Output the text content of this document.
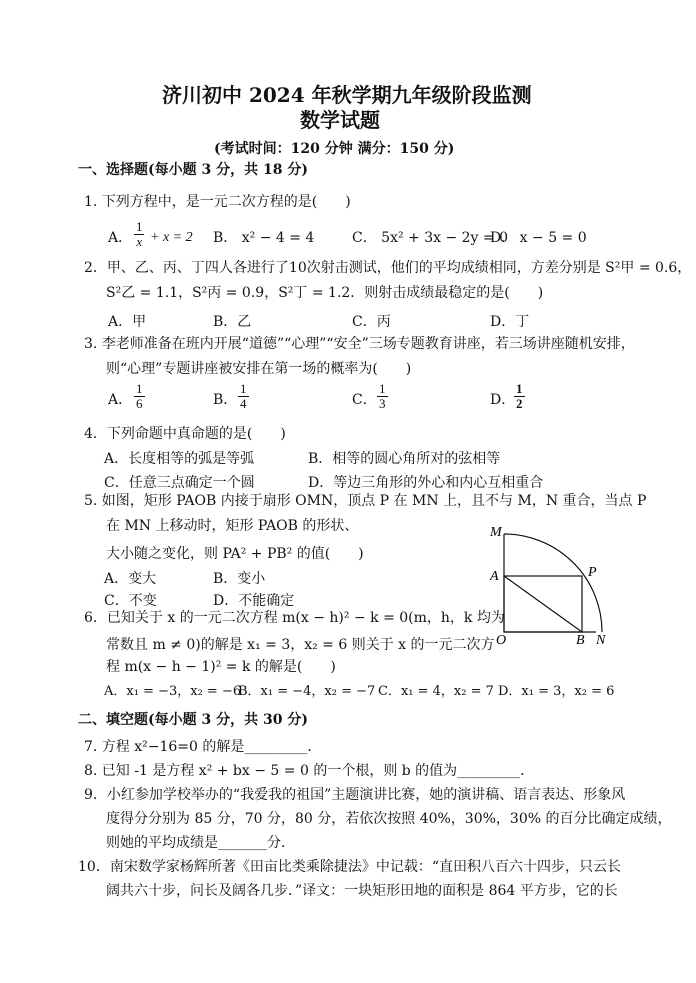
济川初中 2024 年秋学期九年级阶段监测
数学试题
(考试时间：120 分钟 满分：150 分)
一、选择题(每小题 3 分，共 18 分)
1. 下列方程中，是一元二次方程的是(　　)
A． $\frac{1}{x} + x = 2$ B． x² − 4 = 4	C． 5x² + 3x − 2y = 0
D． x − 5 = 0
2．甲、乙、丙、丁四人各进行了10次射击测试，他们的平均成绩相同，方差分别是 S²甲 = 0.6，
S²乙 = 1.1，S²丙 = 0.9，S²丁 = 1.2．则射击成绩最稳定的是(　　)
A．甲	B．乙	C．丙	D．丁
3. 李老师准备在班内开展“道德”“心理”“安全”三场专题教育讲座，若三场讲座随机安排，
则“心理”专题讲座被安排在第一场的概率为(　　)
A． $\frac{1}{6}$	B． $\frac{1}{4}$	C． $\frac{1}{3}$	D．
$\frac{1}{2}$
4．下列命题中真命题的是(　　)
A．长度相等的弧是等弧	B．相等的圆心角所对的弦相等
C．任意三点确定一个圆	D．等边三角形的外心和内心互相重合
5. 如图，矩形 PAOB 内接于扇形 OMN，顶点 P 在 MN 上，且不与 M，N 重合，当点 P
在 MN 上移动时，矩形 PAOB 的形状、
大小随之变化，则 PA² + PB² 的值(　　)
A．变大	B．变小
C．不变	D．不能确定
6．已知关于 x 的一元二次方程 m(x − h)² − k = 0(m，h，k 均为
常数且 m ≠ 0)的解是 x₁ = 3，x₂ = 6 则关于 x 的一元二次方
程 m(x − h − 1)² = k 的解是(　　)
A．x₁ = −3，x₂ = −6
B．x₁ = −4，x₂ = −7 C．x₁ = 4，x₂ = 7 D．x₁ = 3，x₂ = 6
M
A	P
O	B N
二、填空题(每小题 3 分，共 30 分)
7. 方程 x²−16=0 的解是_________．
8. 已知 -1 是方程 x² + bx − 5 = 0 的一个根，则 b 的值为_________．
9．小红参加学校举办的“我爱我的祖国”主题演讲比赛，她的演讲稿、语言表达、形象风
度得分分别为 85 分，70 分，80 分，若依次按照 40%，30%，30% 的百分比确定成绩，
则她的平均成绩是_______分．
10．南宋数学家杨辉所著《田亩比类乘除捷法》中记载：“直田积八百六十四步，只云长
阔共六十步，问长及阔各几步．”译文：一块矩形田地的面积是 864 平方步，它的长
